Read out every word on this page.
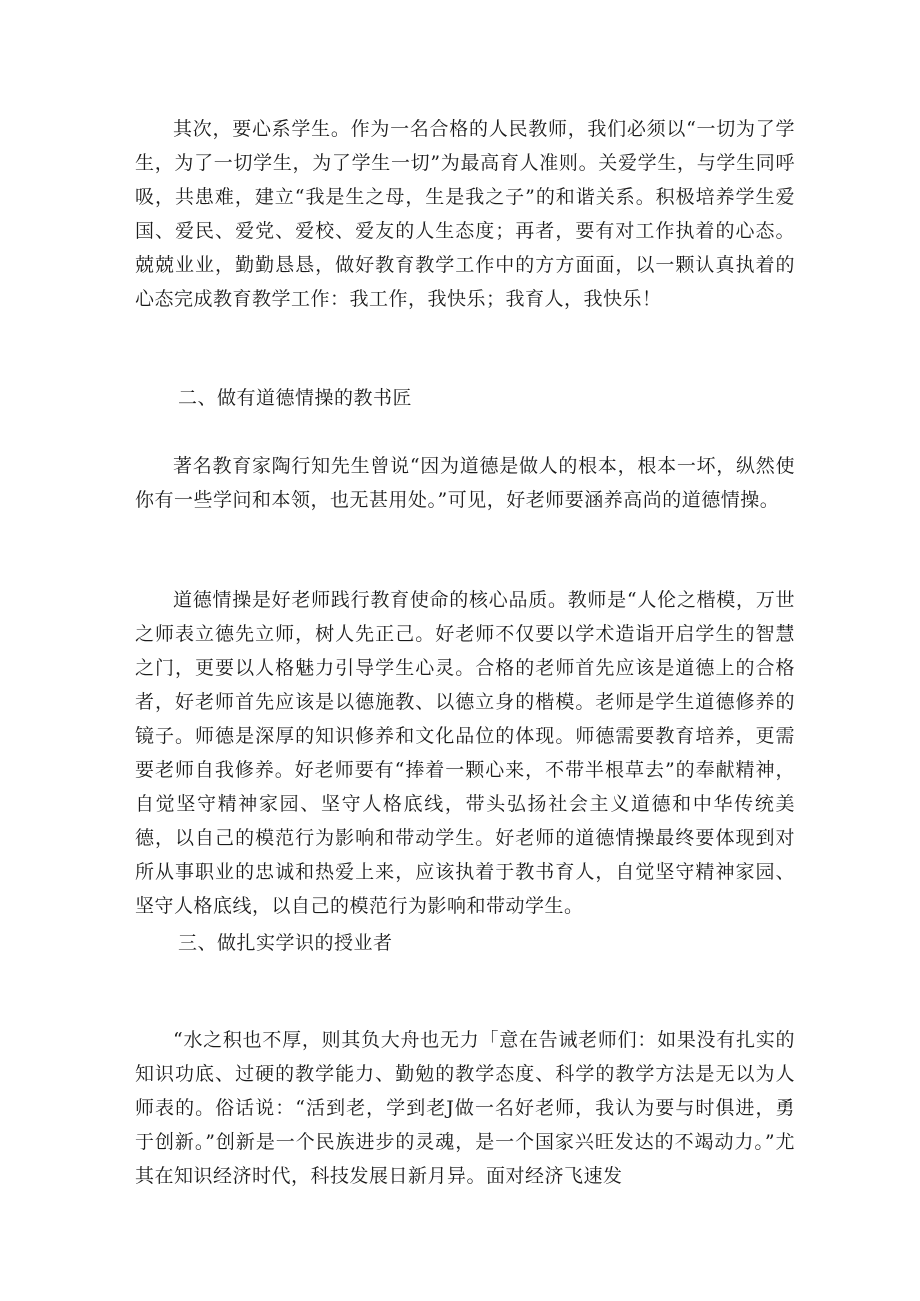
其次，要心系学生。作为一名合格的人民教师，我们必须以“一切为了学生，为了一切学生，为了学生一切”为最高育人准则。关爱学生，与学生同呼吸，共患难，建立“我是生之母，生是我之子”的和谐关系。积极培养学生爱国、爱民、爱党、爱校、爱友的人生态度；再者，要有对工作执着的心态。兢兢业业，勤勤恳恳，做好教育教学工作中的方方面面，以一颗认真执着的心态完成教育教学工作：我工作，我快乐；我育人，我快乐！

二、做有道德情操的教书匠

著名教育家陶行知先生曾说“因为道德是做人的根本，根本一坏，纵然使你有一些学问和本领，也无甚用处。”可见，好老师要涵养高尚的道德情操。

道德情操是好老师践行教育使命的核心品质。教师是“人伦之楷模，万世之师表立德先立师，树人先正己。好老师不仅要以学术造诣开启学生的智慧之门，更要以人格魅力引导学生心灵。合格的老师首先应该是道德上的合格者，好老师首先应该是以德施教、以德立身的楷模。老师是学生道德修养的镜子。师德是深厚的知识修养和文化品位的体现。师德需要教育培养，更需要老师自我修养。好老师要有“捧着一颗心来，不带半根草去”的奉献精神，自觉坚守精神家园、坚守人格底线，带头弘扬社会主义道德和中华传统美德，以自己的模范行为影响和带动学生。好老师的道德情操最终要体现到对所从事职业的忠诚和热爱上来，应该执着于教书育人，自觉坚守精神家园、坚守人格底线，以自己的模范行为影响和带动学生。

三、做扎实学识的授业者

“水之积也不厚，则其负大舟也无力「意在告诫老师们：如果没有扎实的知识功底、过硬的教学能力、勤勉的教学态度、科学的教学方法是无以为人师表的。俗话说：“活到老，学到老J做一名好老师，我认为要与时俱进，勇于创新。”创新是一个民族进步的灵魂，是一个国家兴旺发达的不竭动力。”尤其在知识经济时代，科技发展日新月异。面对经济飞速发
